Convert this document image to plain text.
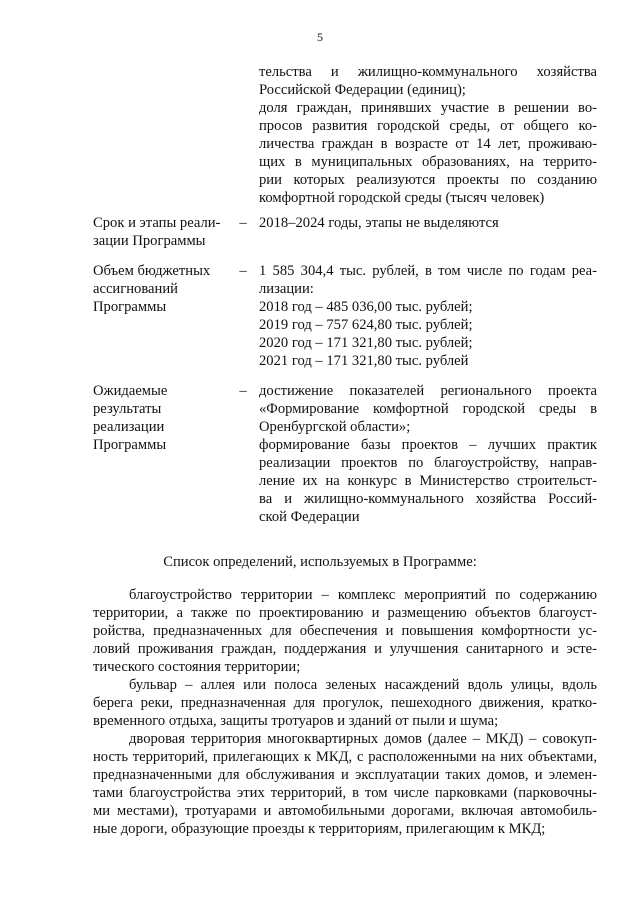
5
тельства и жилищно-коммунального хозяйства
Российской Федерации (единиц);
доля граждан, принявших участие в решении во-
просов развития городской среды, от общего ко-
личества граждан в возрасте от 14 лет, проживаю-
щих в муниципальных образованиях, на террито-
рии которых реализуются проекты по созданию
комфортной городской среды (тысяч человек)
Срок и этапы реали-
зации Программы
– 2018–2024 годы, этапы не выделяются
Объем бюджетных
ассигнований
Программы
– 1 585 304,4 тыс. рублей, в том числе по годам реа-
лизации:
2018 год – 485 036,00 тыс. рублей;
2019 год – 757 624,80 тыс. рублей;
2020 год – 171 321,80 тыс. рублей;
2021 год – 171 321,80 тыс. рублей
Ожидаемые
результаты
реализации
Программы
– достижение показателей регионального проекта
«Формирование комфортной городской среды в
Оренбургской области»;
формирование базы проектов – лучших практик
реализации проектов по благоустройству, направ-
ление их на конкурс в Министерство строительст-
ва и жилищно-коммунального хозяйства Россий-
ской Федерации
Список определений, используемых в Программе:
благоустройство территории – комплекс мероприятий по содержанию
территории, а также по проектированию и размещению объектов благоуст-
ройства, предназначенных для обеспечения и повышения комфортности ус-
ловий проживания граждан, поддержания и улучшения санитарного и эсте-
тического состояния территории;
бульвар – аллея или полоса зеленых насаждений вдоль улицы, вдоль
берега реки, предназначенная для прогулок, пешеходного движения, кратко-
временного отдыха, защиты тротуаров и зданий от пыли и шума;
дворовая территория многоквартирных домов (далее – МКД) – совокуп-
ность территорий, прилегающих к МКД, с расположенными на них объектами,
предназначенными для обслуживания и эксплуатации таких домов, и элемен-
тами благоустройства этих территорий, в том числе парковками (парковочны-
ми местами), тротуарами и автомобильными дорогами, включая автомобиль-
ные дороги, образующие проезды к территориям, прилегающим к МКД;
